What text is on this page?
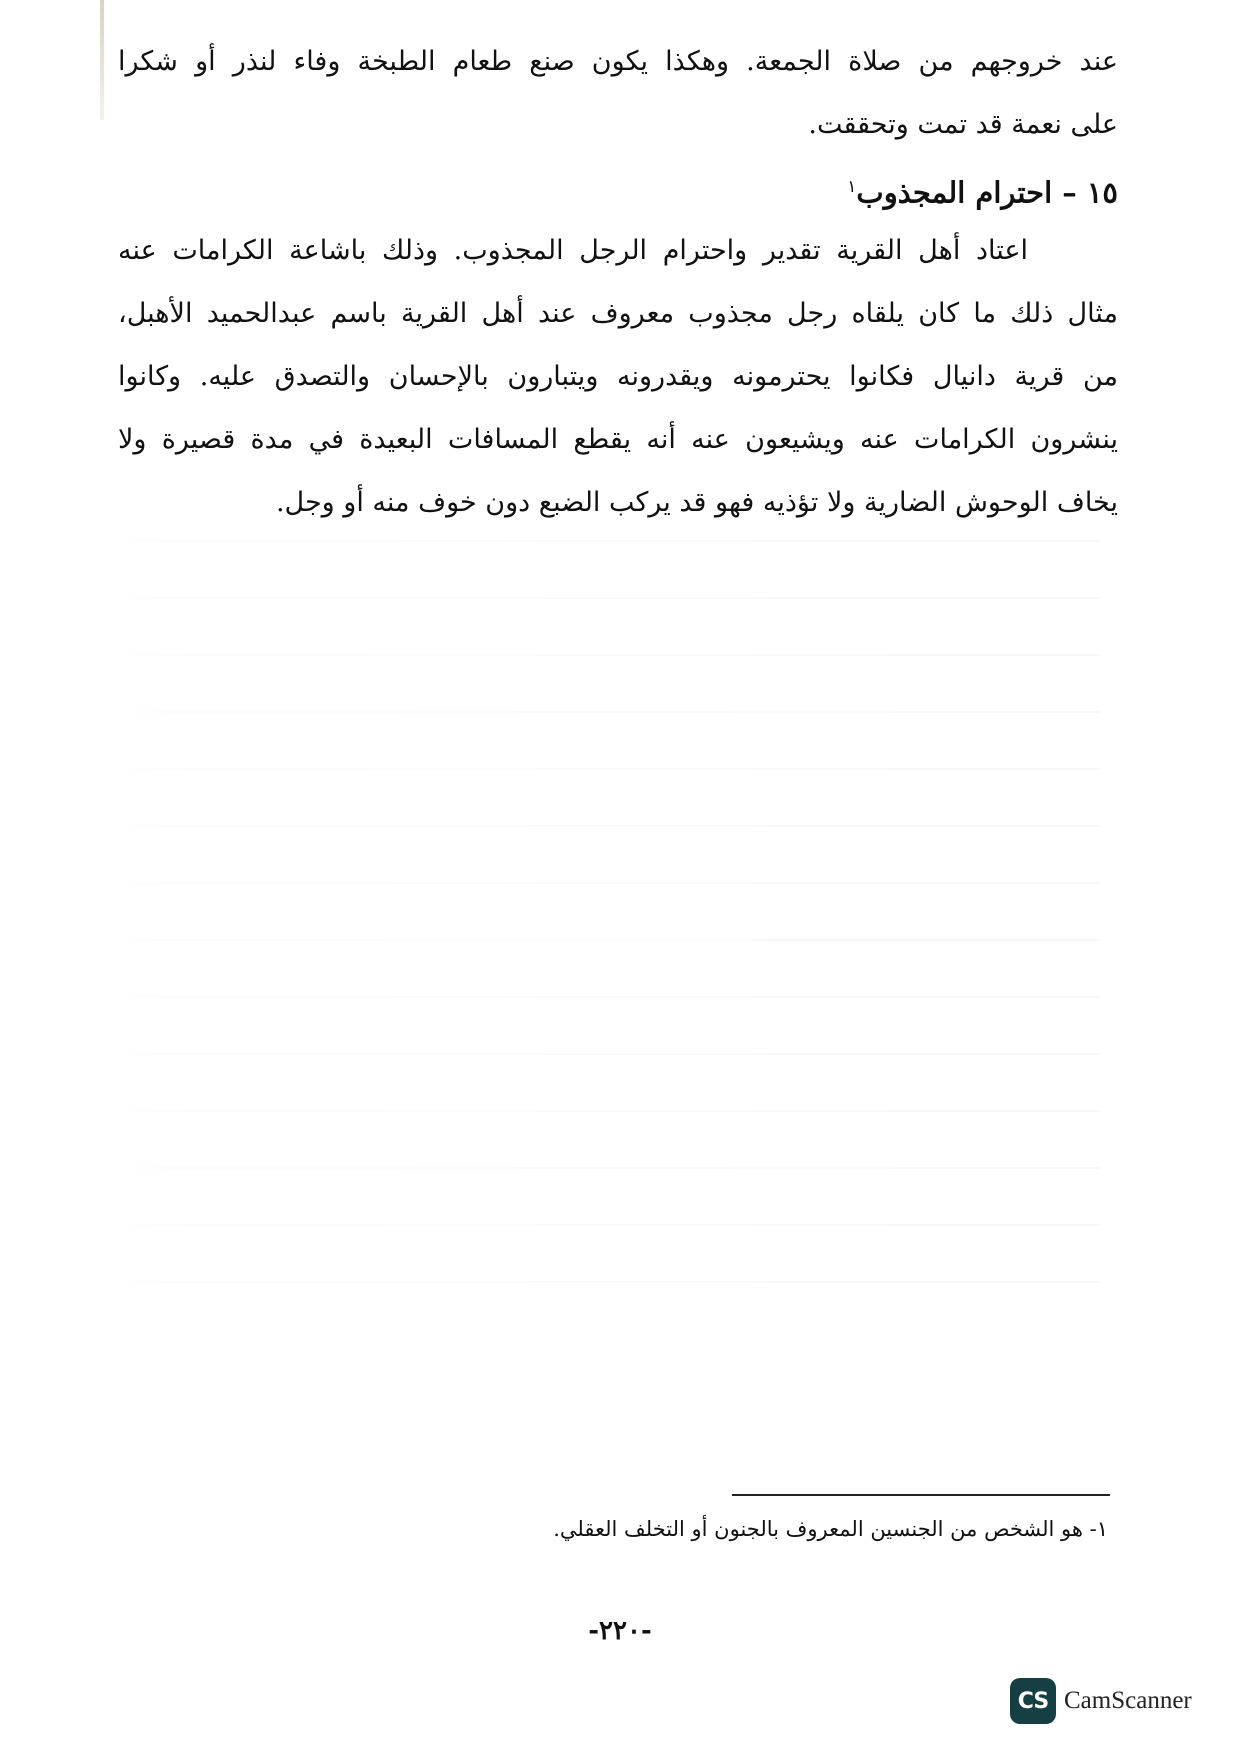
عند خروجهم من صلاة الجمعة. وهكذا يكون صنع طعام الطبخة وفاء لنذر أو شكرا
على نعمة قد تمت وتحققت.
١٥ – احترام المجذوب$^١$
اعتاد أهل القرية تقدير واحترام الرجل المجذوب. وذلك باشاعة الكرامات عنه
مثال ذلك ما كان يلقاه رجل مجذوب معروف عند أهل القرية باسم عبدالحميد الأهبل،
من قرية دانيال فكانوا يحترمونه ويقدرونه ويتبارون بالإحسان والتصدق عليه. وكانوا
ينشرون الكرامات عنه ويشيعون عنه أنه يقطع المسافات البعيدة في مدة قصيرة ولا
يخاف الوحوش الضارية ولا تؤذيه فهو قد يركب الضبع دون خوف منه أو وجل.
١- هو الشخص من الجنسين المعروف بالجنون أو التخلف العقلي.
-٢٢٠-
CS CamScanner
